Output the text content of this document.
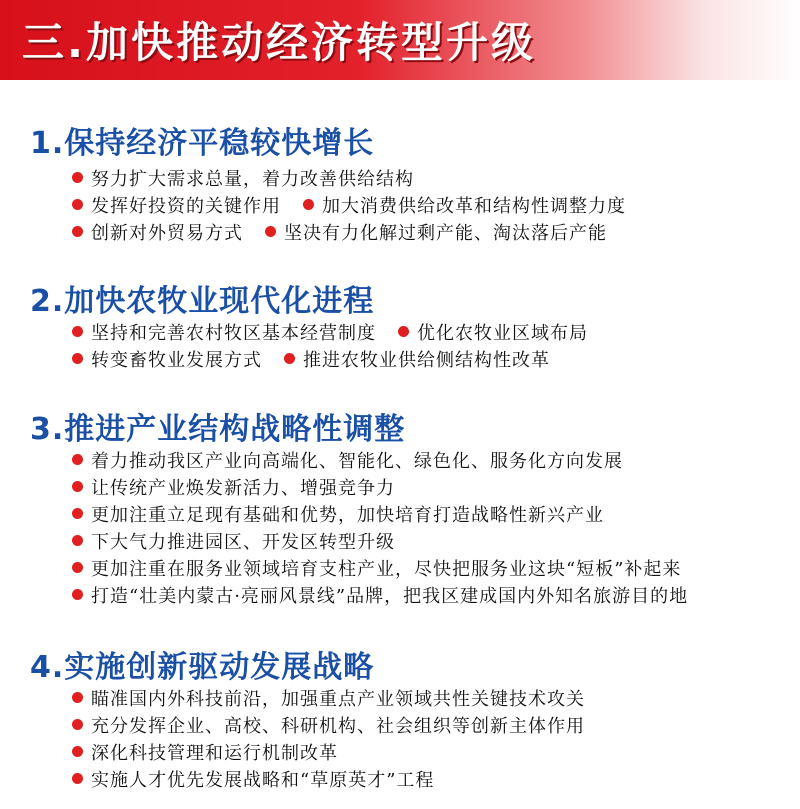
三.加快推动经济转型升级
1.保持经济平稳较快增长
努力扩大需求总量，着力改善供给结构
发挥好投资的关键作用 加大消费供给改革和结构性调整力度
创新对外贸易方式 坚决有力化解过剩产能、淘汰落后产能
2.加快农牧业现代化进程
坚持和完善农村牧区基本经营制度 优化农牧业区域布局
转变畜牧业发展方式 推进农牧业供给侧结构性改革
3.推进产业结构战略性调整
着力推动我区产业向高端化、智能化、绿色化、服务化方向发展
让传统产业焕发新活力、增强竞争力
更加注重立足现有基础和优势，加快培育打造战略性新兴产业
下大气力推进园区、开发区转型升级
更加注重在服务业领域培育支柱产业，尽快把服务业这块“短板”补起来
打造“壮美内蒙古·亮丽风景线”品牌，把我区建成国内外知名旅游目的地
4.实施创新驱动发展战略
瞄准国内外科技前沿，加强重点产业领域共性关键技术攻关
充分发挥企业、高校、科研机构、社会组织等创新主体作用
深化科技管理和运行机制改革
实施人才优先发展战略和“草原英才”工程
